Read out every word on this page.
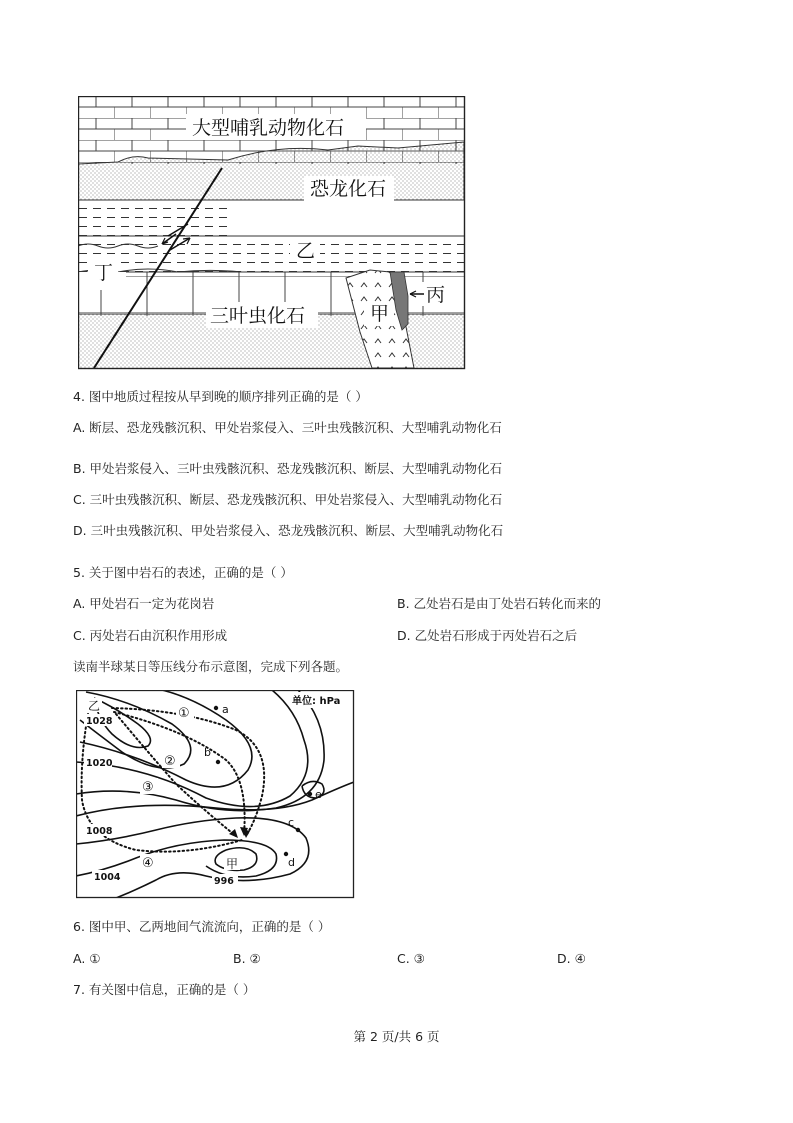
大型哺乳动物化石
恐龙化石
乙
丁
三叶虫化石	甲
丙
4. 图中地质过程按从早到晚的顺序排列正确的是（ ）
A. 断层、恐龙残骸沉积、甲处岩浆侵入、三叶虫残骸沉积、大型哺乳动物化石
B. 甲处岩浆侵入、三叶虫残骸沉积、恐龙残骸沉积、断层、大型哺乳动物化石
C. 三叶虫残骸沉积、断层、恐龙残骸沉积、甲处岩浆侵入、大型哺乳动物化石
D. 三叶虫残骸沉积、甲处岩浆侵入、恐龙残骸沉积、断层、大型哺乳动物化石
5. 关于图中岩石的表述，正确的是（ ）
A. 甲处岩石一定为花岗岩	B. 乙处岩石是由丁处岩石转化而来的
C. 丙处岩石由沉积作用形成	D. 乙处岩石形成于丙处岩石之后
读南半球某日等压线分布示意图，完成下列各题。
单位: hPa
1028
1020
1008
1004	996
乙
甲
a
b
c
d
e
①
②
③
④
6. 图中甲、乙两地间气流流向，正确的是（ ）
A. ①	B. ②	C. ③	D. ④
7. 有关图中信息，正确的是（ ）
第 2 页/共 6 页
